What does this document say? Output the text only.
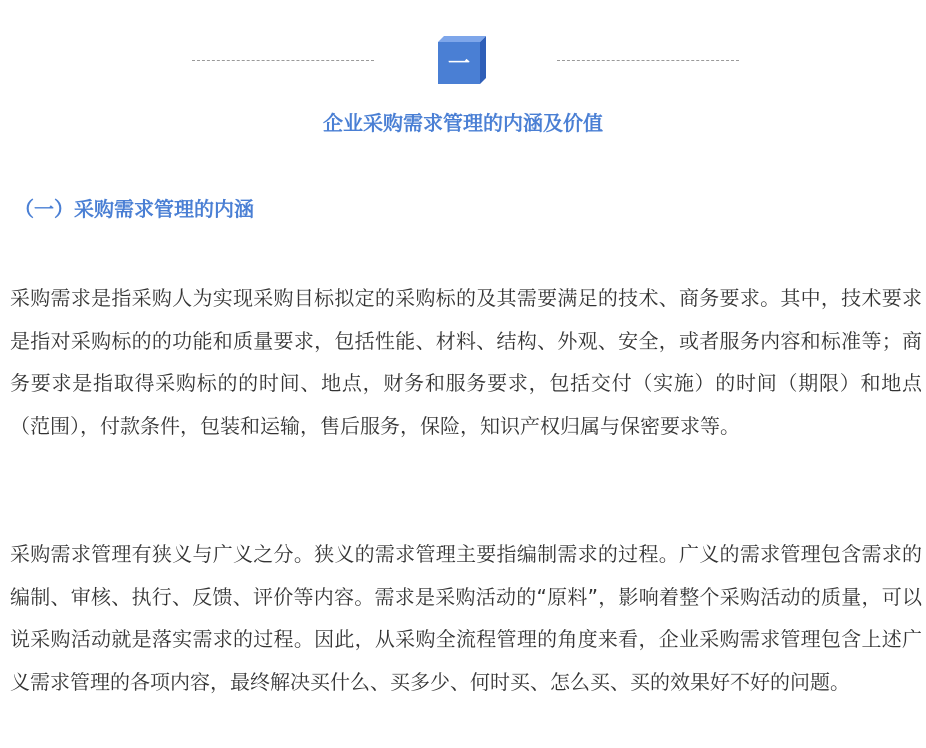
一
企业采购需求管理的内涵及价值
（一）采购需求管理的内涵

采购需求是指采购人为实现采购目标拟定的采购标的及其需要满足的技术、商务要求。其中，技术要求是指对采购标的的功能和质量要求，包括性能、材料、结构、外观、安全，或者服务内容和标准等；商务要求是指取得采购标的的时间、地点，财务和服务要求，包括交付（实施）的时间（期限）和地点（范围），付款条件，包装和运输，售后服务，保险，知识产权归属与保密要求等。

采购需求管理有狭义与广义之分。狭义的需求管理主要指编制需求的过程。广义的需求管理包含需求的编制、审核、执行、反馈、评价等内容。需求是采购活动的“原料”，影响着整个采购活动的质量，可以说采购活动就是落实需求的过程。因此，从采购全流程管理的角度来看，企业采购需求管理包含上述广义需求管理的各项内容，最终解决买什么、买多少、何时买、怎么买、买的效果好不好的问题。
